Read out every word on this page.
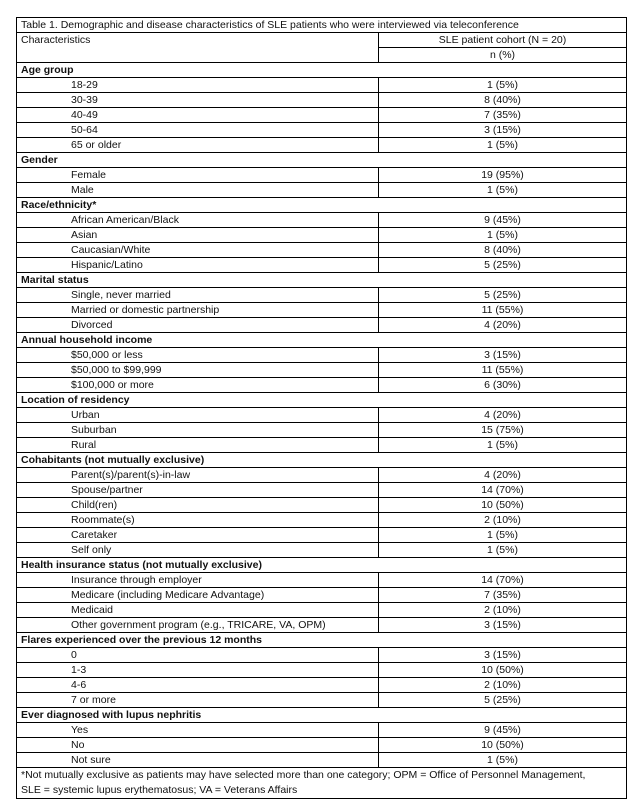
Table 1. Demographic and disease characteristics of SLE patients who were interviewed via teleconference
Characteristics	SLE patient cohort (N = 20)
n (%)
Age group
18-29	1 (5%)
30-39	8 (40%)
40-49	7 (35%)
50-64	3 (15%)
65 or older	1 (5%)
Gender
Female	19 (95%)
Male	1 (5%)
Race/ethnicity*
African American/Black	9 (45%)
Asian	1 (5%)
Caucasian/White	8 (40%)
Hispanic/Latino	5 (25%)
Marital status
Single, never married	5 (25%)
Married or domestic partnership	11 (55%)
Divorced	4 (20%)
Annual household income
$50,000 or less	3 (15%)
$50,000 to $99,999	11 (55%)
$100,000 or more	6 (30%)
Location of residency
Urban	4 (20%)
Suburban	15 (75%)
Rural	1 (5%)
Cohabitants (not mutually exclusive)
Parent(s)/parent(s)-in-law	4 (20%)
Spouse/partner	14 (70%)
Child(ren)	10 (50%)
Roommate(s)	2 (10%)
Caretaker	1 (5%)
Self only	1 (5%)
Health insurance status (not mutually exclusive)
Insurance through employer	14 (70%)
Medicare (including Medicare Advantage)	7 (35%)
Medicaid	2 (10%)
Other government program (e.g., TRICARE, VA, OPM)	3 (15%)
Flares experienced over the previous 12 months
0	3 (15%)
1-3	10 (50%)
4-6	2 (10%)
7 or more	5 (25%)
Ever diagnosed with lupus nephritis
Yes	9 (45%)
No	10 (50%)
Not sure	1 (5%)
*Not mutually exclusive as patients may have selected more than one category; OPM = Office of Personnel Management,
SLE = systemic lupus erythematosus; VA = Veterans Affairs
